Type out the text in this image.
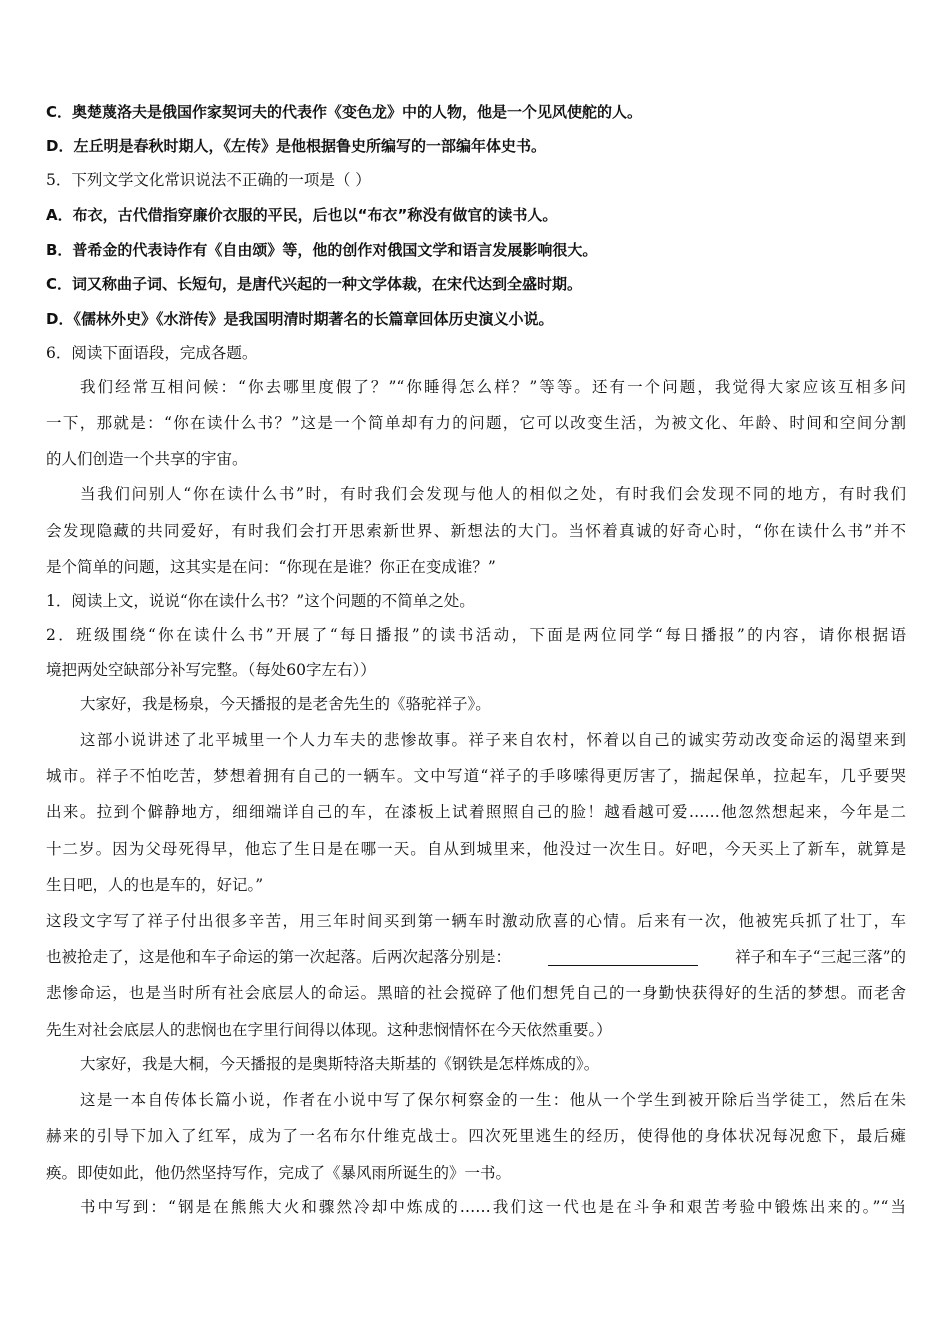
C．奥楚蔑洛夫是俄国作家契诃夫的代表作《变色龙》中的人物，他是一个见风使舵的人。
D．左丘明是春秋时期人，《左传》是他根据鲁史所编写的一部编年体史书。
5．下列文学文化常识说法不正确的一项是（ ）
A．布衣，古代借指穿廉价衣服的平民，后也以“布衣”称没有做官的读书人。
B．普希金的代表诗作有《自由颂》等，他的创作对俄国文学和语言发展影响很大。
C．词又称曲子词、长短句，是唐代兴起的一种文学体裁，在宋代达到全盛时期。
D．《儒林外史》《水浒传》是我国明清时期著名的长篇章回体历史演义小说。
6．阅读下面语段，完成各题。
我们经常互相问候：“你去哪里度假了？”“你睡得怎么样？”等等。还有一个问题，我觉得大家应该互相多问
一下，那就是：“你在读什么书？”这是一个简单却有力的问题，它可以改变生活，为被文化、年龄、时间和空间分割
的人们创造一个共享的宇宙。
当我们问别人“你在读什么书”时，有时我们会发现与他人的相似之处，有时我们会发现不同的地方，有时我们
会发现隐藏的共同爱好，有时我们会打开思索新世界、新想法的大门。当怀着真诚的好奇心时，“你在读什么书”并不
是个简单的问题，这其实是在问：“你现在是谁？你正在变成谁？”
1．阅读上文，说说“你在读什么书？”这个问题的不简单之处。
2．班级围绕“你在读什么书”开展了“每日播报”的读书活动，下面是两位同学“每日播报”的内容，请你根据语
境把两处空缺部分补写完整。（每处60字左右））
大家好，我是杨泉，今天播报的是老舍先生的《骆驼祥子》。
这部小说讲述了北平城里一个人力车夫的悲惨故事。祥子来自农村，怀着以自己的诚实劳动改变命运的渴望来到
城市。祥子不怕吃苦，梦想着拥有自己的一辆车。文中写道“祥子的手哆嗦得更厉害了，揣起保单，拉起车，几乎要哭
出来。拉到个僻静地方，细细端详自己的车，在漆板上试着照照自己的脸！越看越可爱……他忽然想起来，今年是二
十二岁。因为父母死得早，他忘了生日是在哪一天。自从到城里来，他没过一次生日。好吧，今天买上了新车，就算是
生日吧，人的也是车的，好记。”
这段文字写了祥子付出很多辛苦，用三年时间买到第一辆车时激动欣喜的心情。后来有一次，他被宪兵抓了壮丁，车
也被抢走了，这是他和车子命运的第一次起落。后两次起落分别是：	祥子和车子“三起三落”的
悲惨命运，也是当时所有社会底层人的命运。黑暗的社会搅碎了他们想凭自己的一身勤快获得好的生活的梦想。而老舍
先生对社会底层人的悲悯也在字里行间得以体现。这种悲悯情怀在今天依然重要。）
大家好，我是大桐，今天播报的是奥斯特洛夫斯基的《钢铁是怎样炼成的》。
这是一本自传体长篇小说，作者在小说中写了保尔柯察金的一生：他从一个学生到被开除后当学徒工，然后在朱
赫来的引导下加入了红军，成为了一名布尔什维克战士。四次死里逃生的经历，使得他的身体状况每况愈下，最后瘫
痪。即使如此，他仍然坚持写作，完成了《暴风雨所诞生的》一书。
书中写到：“钢是在熊熊大火和骤然冷却中炼成的……我们这一代也是在斗争和艰苦考验中锻炼出来的。”“当
